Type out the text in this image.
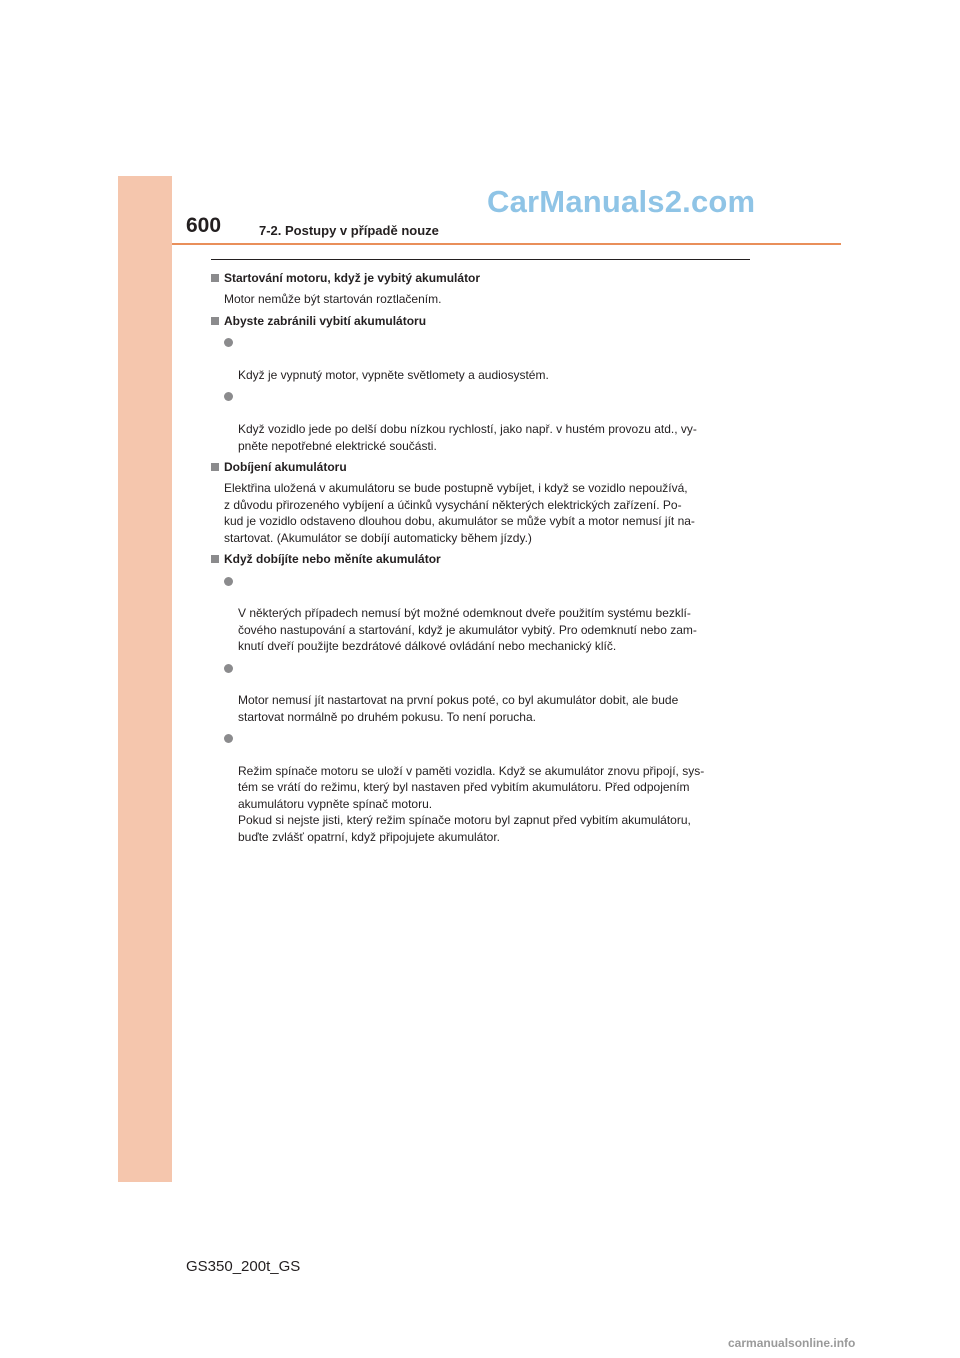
600	7-2. Postupy v případě nouze
CarManuals2.com
Startování motoru, když je vybitý akumulátor
Motor nemůže být startován roztlačením.
Abyste zabránili vybití akumulátoru

Když je vypnutý motor, vypněte světlomety a audiosystém.

Když vozidlo jede po delší dobu nízkou rychlostí, jako např. v hustém provozu atd., vy-
pněte nepotřebné elektrické součásti.

Dobíjení akumulátoru
Elektřina uložená v akumulátoru se bude postupně vybíjet, i když se vozidlo nepoužívá,
z důvodu přirozeného vybíjení a účinků vysychání některých elektrických zařízení. Po-
kud je vozidlo odstaveno dlouhou dobu, akumulátor se může vybít a motor nemusí jít na-
startovat. (Akumulátor se dobíjí automaticky během jízdy.)
Když dobíjíte nebo měníte akumulátor

V některých případech nemusí být možné odemknout dveře použitím systému bezklí-
čového nastupování a startování, když je akumulátor vybitý. Pro odemknutí nebo zam-
knutí dveří použijte bezdrátové dálkové ovládání nebo mechanický klíč.

Motor nemusí jít nastartovat na první pokus poté, co byl akumulátor dobit, ale bude
startovat normálně po druhém pokusu. To není porucha.

Režim spínače motoru se uloží v paměti vozidla. Když se akumulátor znovu připojí, sys-
tém se vrátí do režimu, který byl nastaven před vybitím akumulátoru. Před odpojením
akumulátoru vypněte spínač motoru.
Pokud si nejste jisti, který režim spínače motoru byl zapnut před vybitím akumulátoru,
buďte zvlášť opatrní, když připojujete akumulátor.

GS350_200t_GS
carmanualsonline.info
